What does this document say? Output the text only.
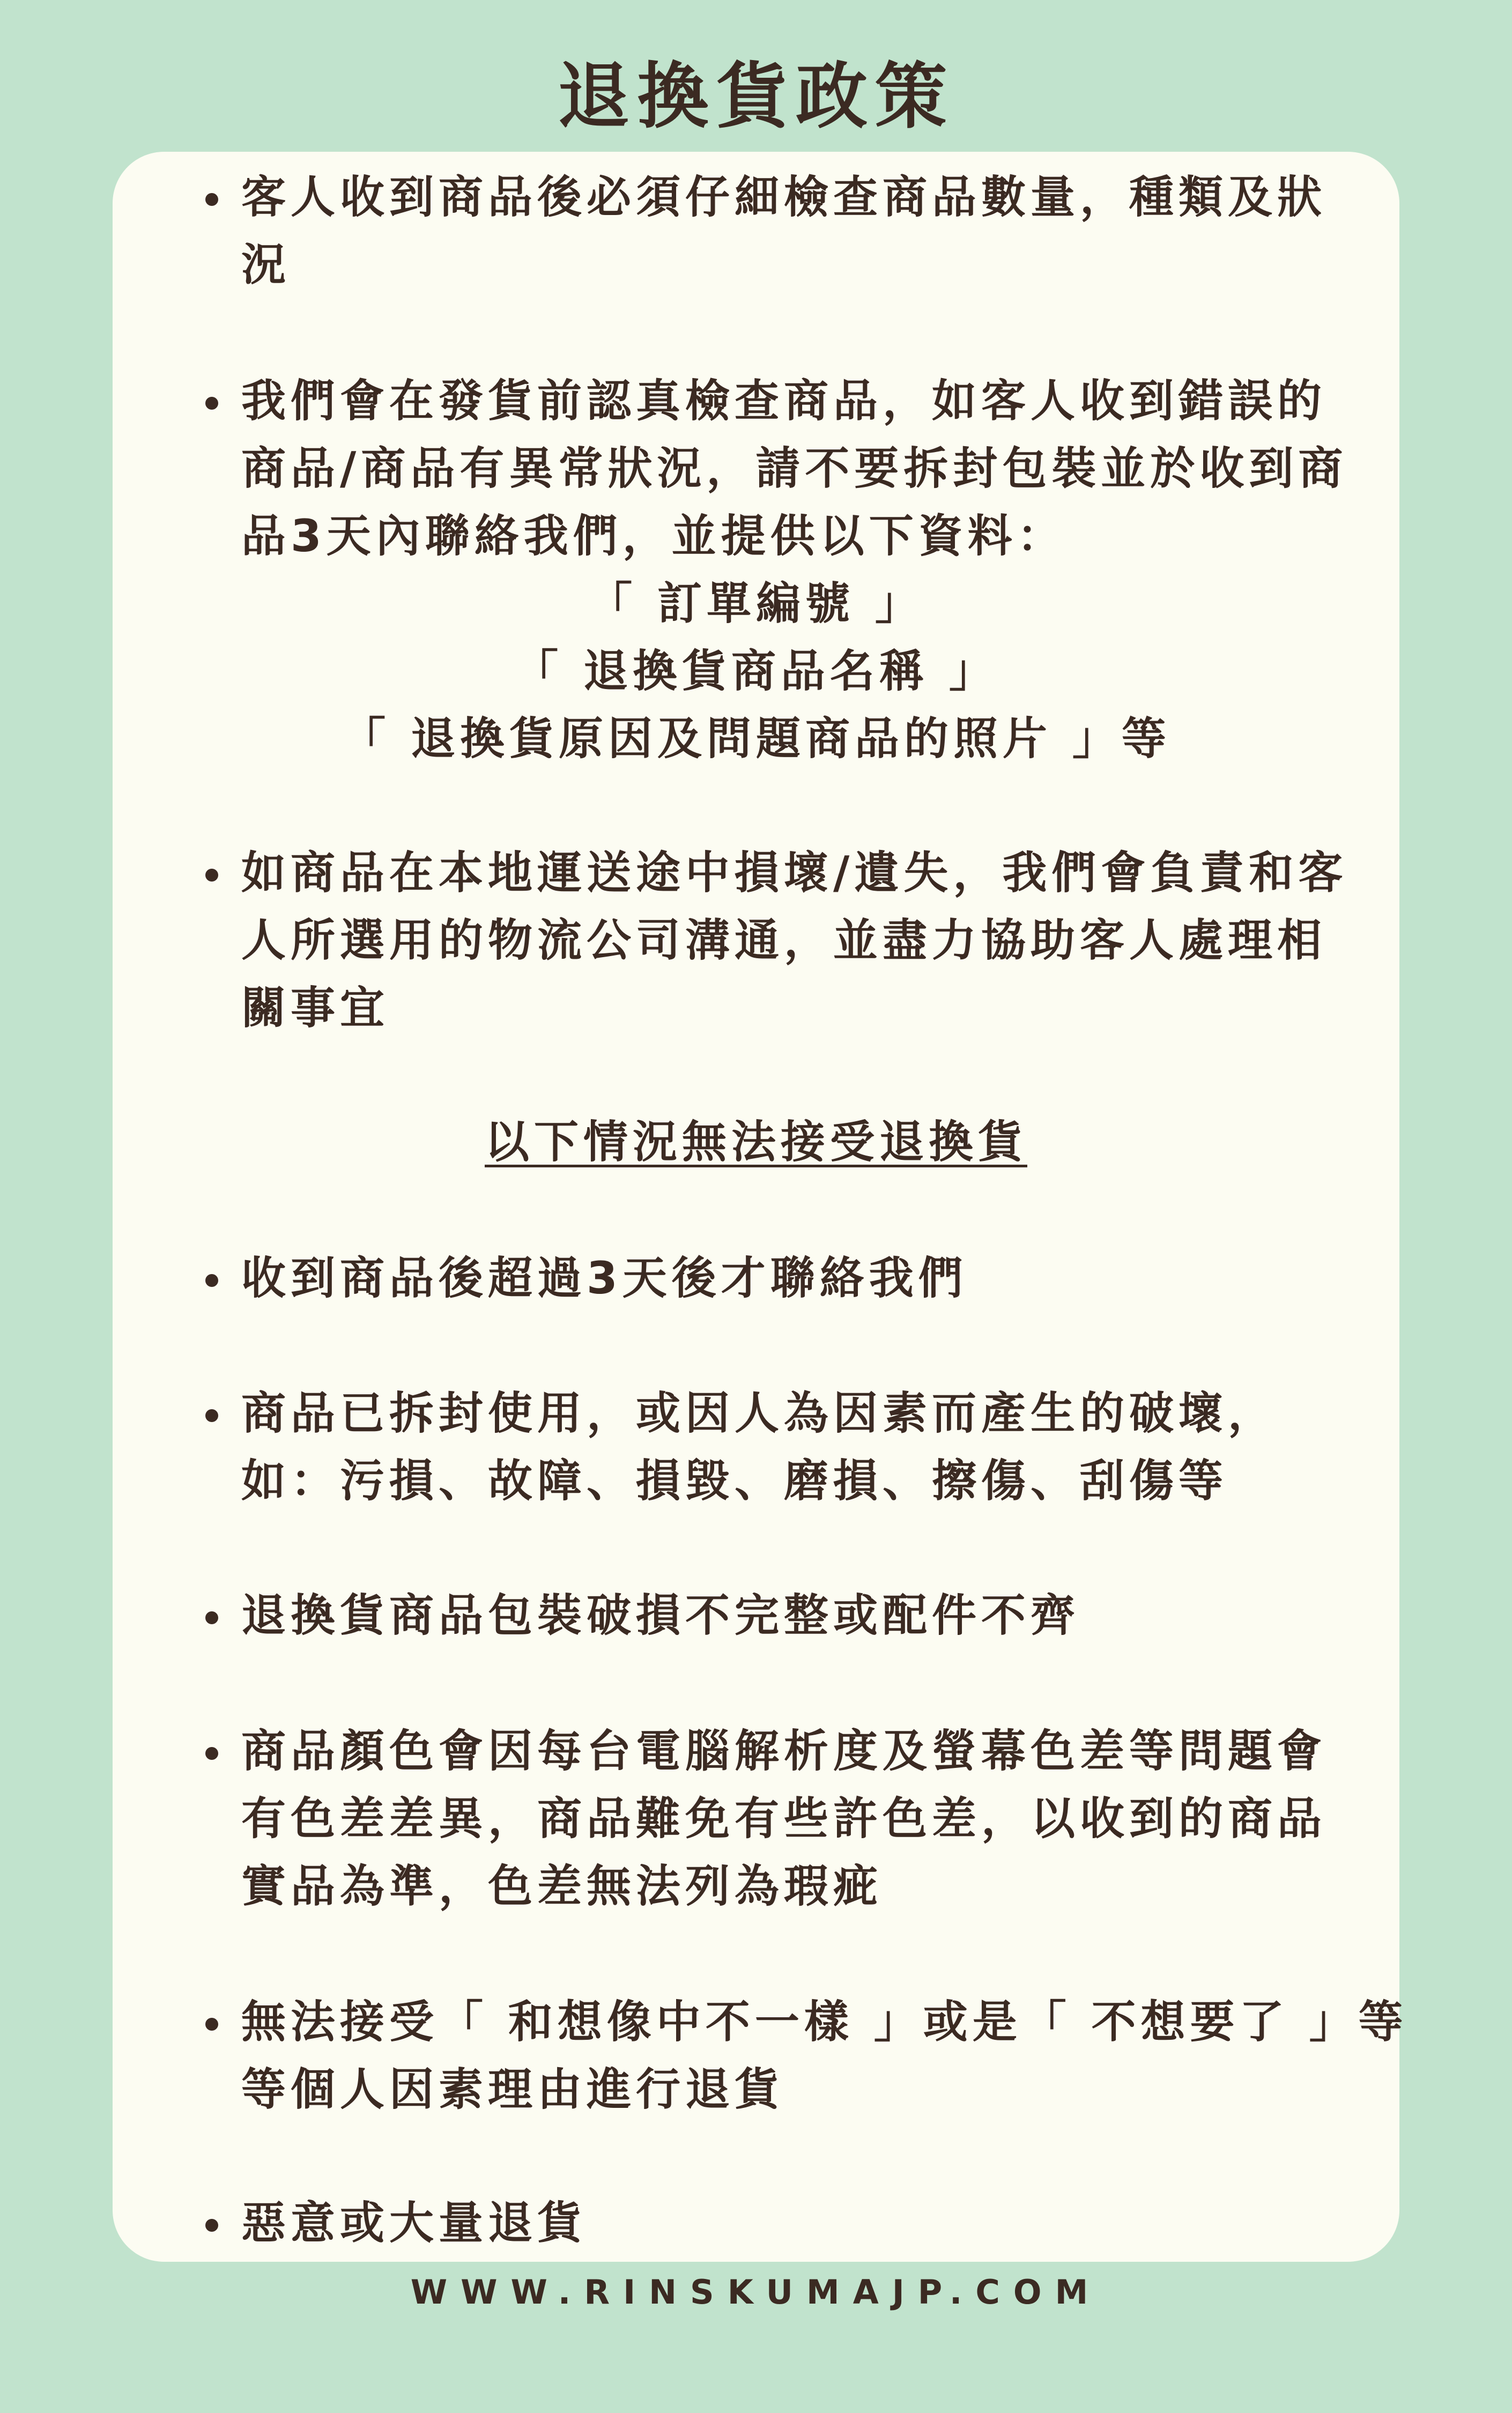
退換貨政策
客人收到商品後必須仔細檢查商品數量，種類及狀
況
我們會在發貨前認真檢查商品，如客人收到錯誤的
商品/商品有異常狀況，請不要拆封包裝並於收到商
品3天內聯絡我們，並提供以下資料：
「 訂單編號 」
「 退換貨商品名稱 」
「 退換貨原因及問題商品的照片 」等
如商品在本地運送途中損壞/遺失，我們會負責和客
人所選用的物流公司溝通，並盡力協助客人處理相
關事宜
以下情況無法接受退換貨
收到商品後超過3天後才聯絡我們
商品已拆封使用，或因人為因素而產生的破壞，
如：污損、故障、損毀、磨損、擦傷、刮傷等
退換貨商品包裝破損不完整或配件不齊
商品顏色會因每台電腦解析度及螢幕色差等問題會
有色差差異，商品難免有些許色差，以收到的商品
實品為準，色差無法列為瑕疵
無法接受「 和想像中不一樣 」或是「 不想要了 」等
等個人因素理由進行退貨
惡意或大量退貨
WWW.RINSKUMAJP.COM
